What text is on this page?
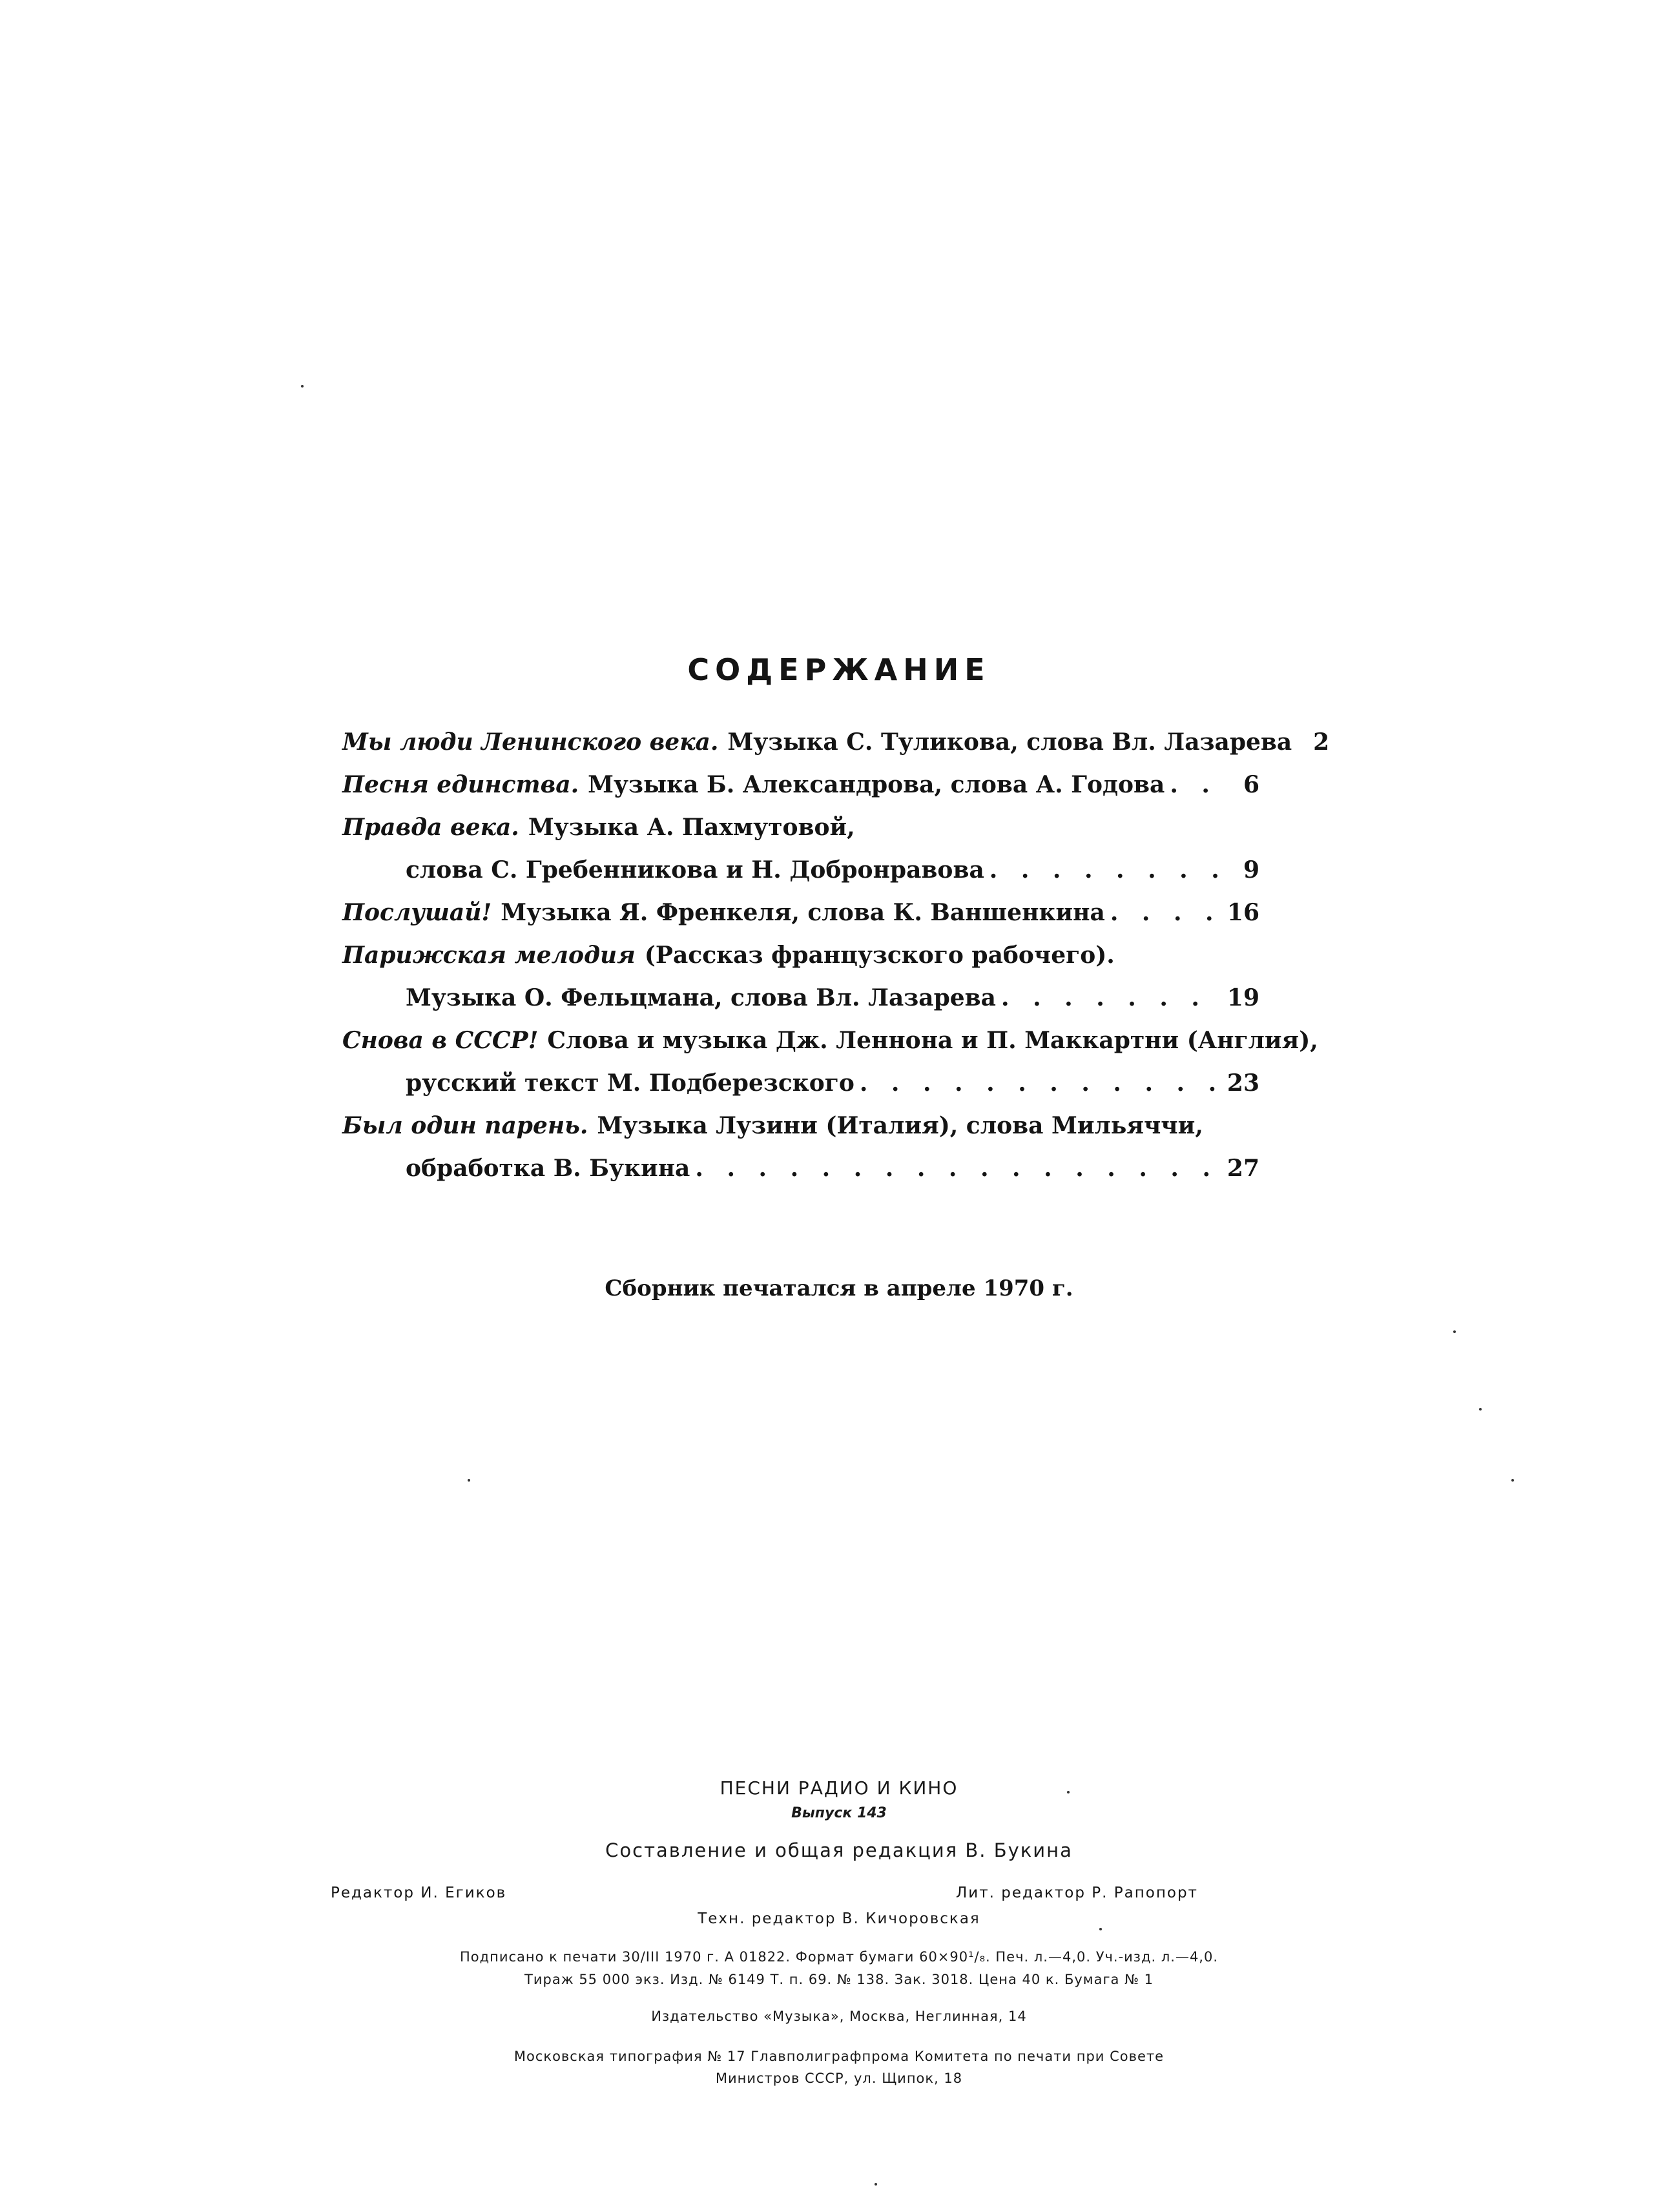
СОДЕРЖАНИЕ
Мы люди Ленинского века. Музыка С. Туликова, слова Вл. Лазарева 2
Песня единства. Музыка Б. Александрова, слова А. Годова . . .	6
Правда века. Музыка А. Пахмутовой,
слова С. Гребенникова и Н. Добронравова . . .	9
Послушай! Музыка Я. Френкеля, слова К. Ваншенкина . . .	16
Парижская мелодия (Рассказ французского рабочего).
Музыка О. Фельцмана, слова Вл. Лазарева . . .	19
Снова в СССР! Слова и музыка Дж. Леннона и П. Маккартни (Англия),
русский текст М. Подберезского . . .	23
Был один парень. Музыка Лузини (Италия), слова Мильяччи,
обработка В. Букина . . .	27
Сборник печатался в апреле 1970 г.
ПЕСНИ РАДИО И КИНО
Выпуск 143
Составление и общая редакция В. Букина
Редактор И. Егиков	Лит. редактор Р. Рапопорт
Техн. редактор В. Кичоровская
Подписано к печати 30/III 1970 г. А 01822. Формат бумаги 60×90¹/₈. Печ. л.—4,0. Уч.-изд. л.—4,0.
Тираж 55 000 экз. Изд. № 6149 Т. п. 69. № 138. Зак. 3018. Цена 40 к. Бумага № 1
Издательство «Музыка», Москва, Неглинная, 14
Московская типография № 17 Главполиграфпрома Комитета по печати при Совете
Министров СССР, ул. Щипок, 18
